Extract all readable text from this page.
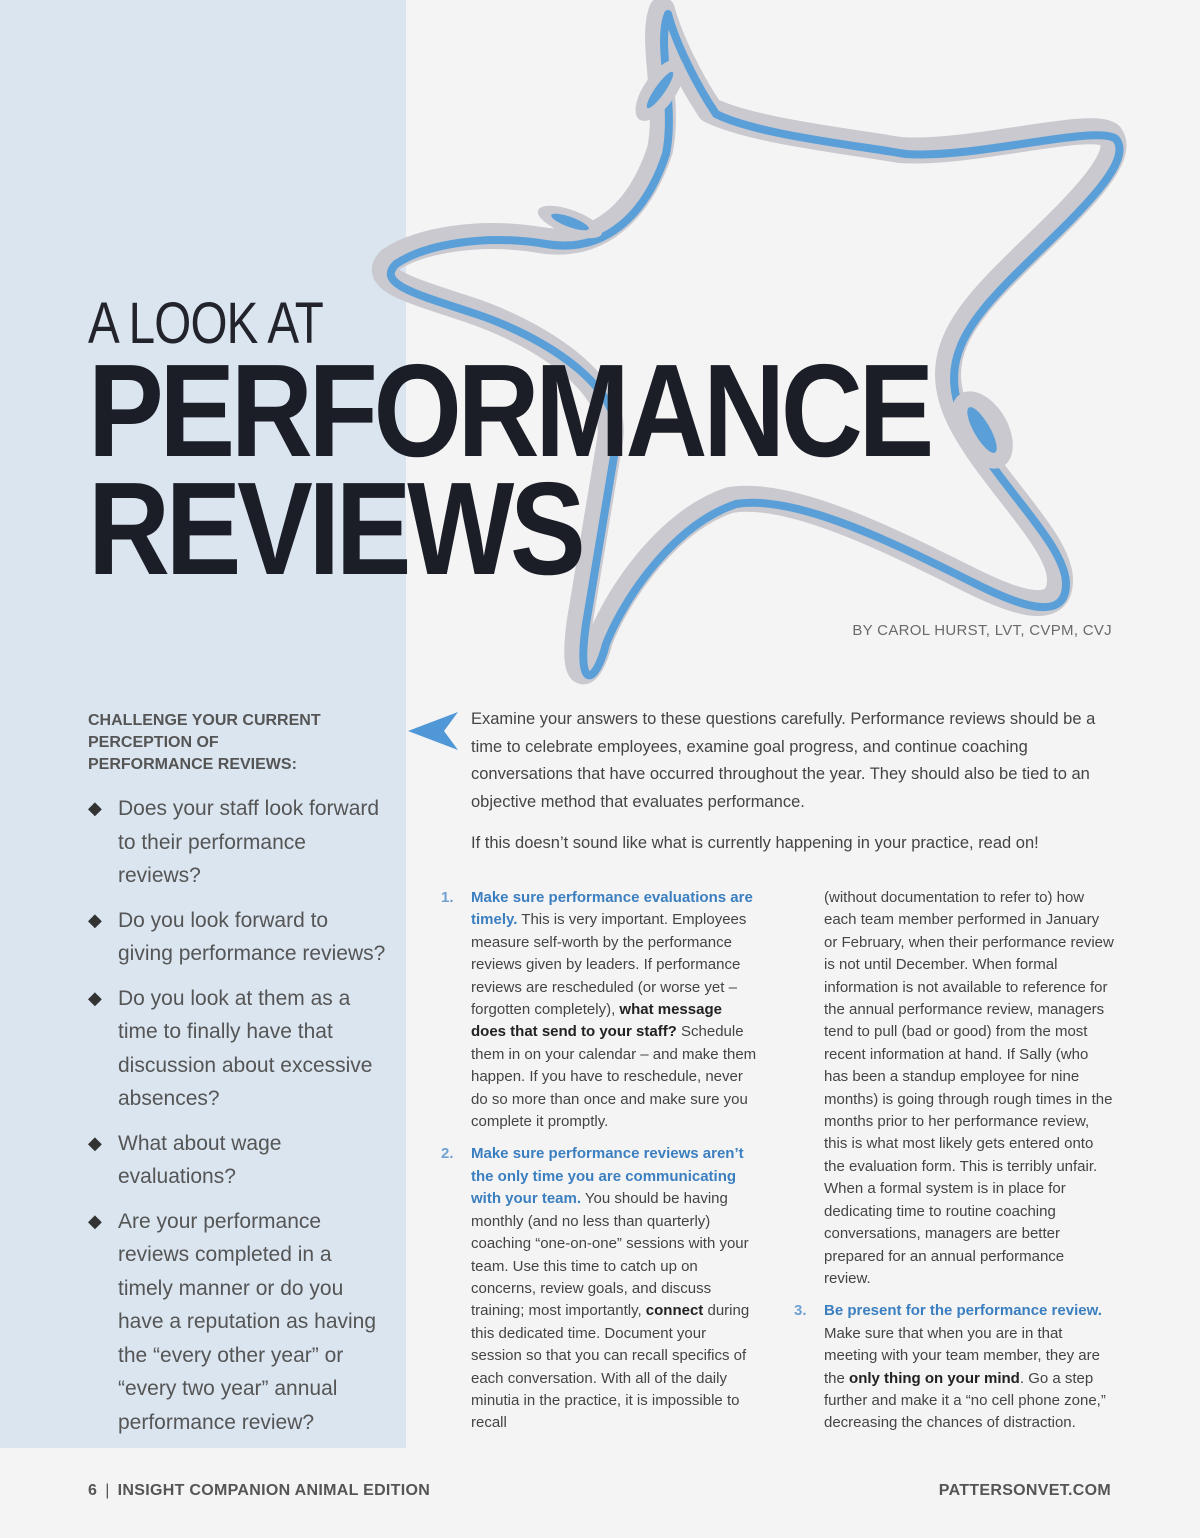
A LOOK AT
PERFORMANCE
REVIEWS
BY CAROL HURST, LVT, CVPM, CVJ
CHALLENGE YOUR CURRENT PERCEPTION OF PERFORMANCE REVIEWS:
◆ Does your staff look forward to their performance reviews?
◆ Do you look forward to giving performance reviews?
◆ Do you look at them as a time to finally have that discussion about excessive absences?
◆ What about wage evaluations?
◆ Are your performance reviews completed in a timely manner or do you have a reputation as having the “every other year” or “every two year” annual performance review?

Examine your answers to these questions carefully. Performance reviews should be a time to celebrate employees, examine goal progress, and continue coaching conversations that have occurred throughout the year. They should also be tied to an objective method that evaluates performance.

If this doesn’t sound like what is currently happening in your practice, read on!

1. Make sure performance evaluations are timely. This is very important. Employees measure self-worth by the performance reviews given by leaders. If performance reviews are rescheduled (or worse yet – forgotten completely), what message does that send to your staff? Schedule them in on your calendar – and make them happen. If you have to reschedule, never do so more than once and make sure you complete it promptly.
2. Make sure performance reviews aren’t the only time you are communicating with your team. You should be having monthly (and no less than quarterly) coaching “one-on-one” sessions with your team. Use this time to catch up on concerns, review goals, and discuss training; most importantly, connect during this dedicated time. Document your session so that you can recall specifics of each conversation. With all of the daily minutia in the practice, it is impossible to recall
(without documentation to refer to) how each team member performed in January or February, when their performance review is not until December. When formal information is not available to reference for the annual performance review, managers tend to pull (bad or good) from the most recent information at hand. If Sally (who has been a standup employee for nine months) is going through rough times in the months prior to her performance review, this is what most likely gets entered onto the evaluation form. This is terribly unfair. When a formal system is in place for dedicating time to routine coaching conversations, managers are better prepared for an annual performance review.
3. Be present for the performance review. Make sure that when you are in that meeting with your team member, they are the only thing on your mind. Go a step further and make it a “no cell phone zone,” decreasing the chances of distraction.
6 | INSIGHT COMPANION ANIMAL EDITION	PATTERSONVET.COM
